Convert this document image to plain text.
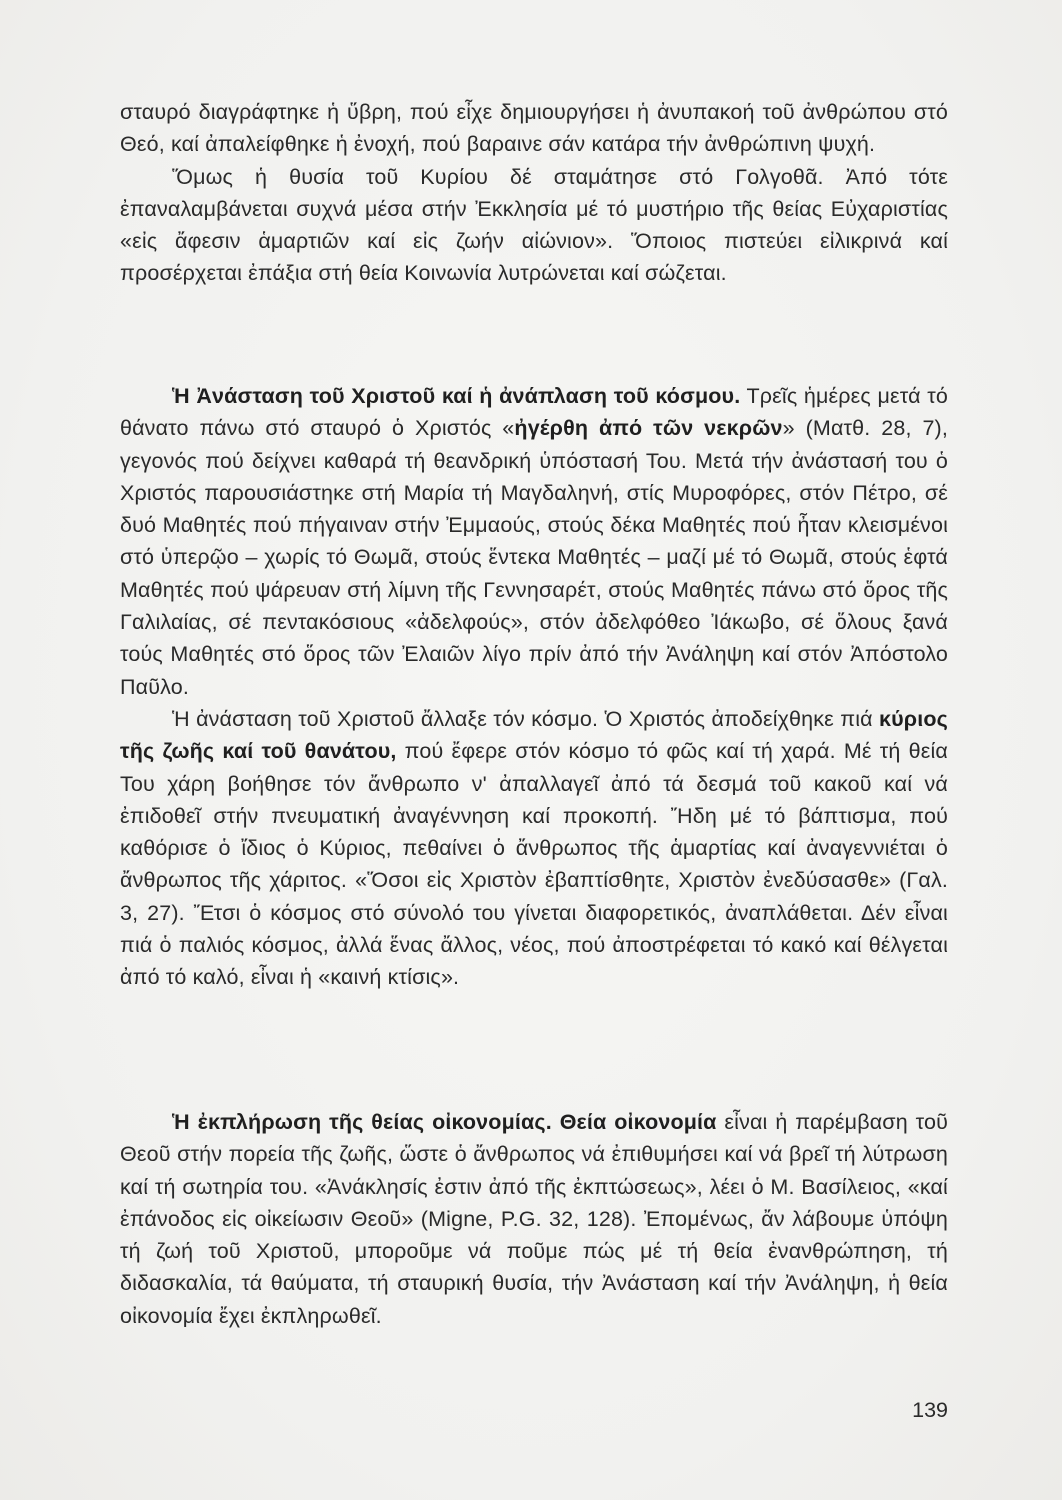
σταυρό διαγράφτηκε ἡ ὕβρη, πού εἶχε δημιουργήσει ἡ ἀνυπακοή τοῦ ἀνθρώπου στό Θεό, καί ἀπαλείφθηκε ἡ ἐνοχή, πού βαραινε σάν κατάρα τήν ἀνθρώπινη ψυχή.

Ὅμως ἡ θυσία τοῦ Κυρίου δέ σταμάτησε στό Γολγοθᾶ. Ἀπό τότε ἐπαναλαμβάνεται συχνά μέσα στήν Ἐκκλησία μέ τό μυστήριο τῆς θείας Εὐχαριστίας «εἰς ἄφεσιν ἁμαρτιῶν καί εἰς ζωήν αἰώνιον». Ὅποιος πιστεύει εἰλικρινά καί προσέρχεται ἐπάξια στή θεία Κοινωνία λυτρώνεται καί σώζεται.

Ἡ Ἀνάσταση τοῦ Χριστοῦ καί ἡ ἀνάπλαση τοῦ κόσμου. Τρεῖς ἡμέρες μετά τό θάνατο πάνω στό σταυρό ὁ Χριστός «ἠγέρθη ἀπό τῶν νεκρῶν» (Ματθ. 28, 7), γεγονός πού δείχνει καθαρά τή θεανδρική ὑπόστασή Του. Μετά τήν ἀνάστασή του ὁ Χριστός παρουσιάστηκε στή Μαρία τή Μαγδαληνή, στίς Μυροφόρες, στόν Πέτρο, σέ δυό Μαθητές πού πήγαιναν στήν Ἐμμαούς, στούς δέκα Μαθητές πού ἦταν κλεισμένοι στό ὑπερῷο – χωρίς τό Θωμᾶ, στούς ἕντεκα Μαθητές – μαζί μέ τό Θωμᾶ, στούς ἑφτά Μαθητές πού ψάρευαν στή λίμνη τῆς Γεννησαρέτ, στούς Μαθητές πάνω στό ὅρος τῆς Γαλιλαίας, σέ πεντακόσιους «ἀδελφούς», στόν ἀδελφόθεο Ἰάκωβο, σέ ὅλους ξανά τούς Μαθητές στό ὅρος τῶν Ἐλαιῶν λίγο πρίν ἀπό τήν Ἀνάληψη καί στόν Ἀπόστολο Παῦλο.

Ἡ ἀνάσταση τοῦ Χριστοῦ ἄλλαξε τόν κόσμο. Ὁ Χριστός ἀποδείχθηκε πιά κύριος τῆς ζωῆς καί τοῦ θανάτου, πού ἔφερε στόν κόσμο τό φῶς καί τή χαρά. Μέ τή θεία Του χάρη βοήθησε τόν ἄνθρωπο ν' ἀπαλλαγεῖ ἀπό τά δεσμά τοῦ κακοῦ καί νά ἐπιδοθεῖ στήν πνευματική ἀναγέννηση καί προκοπή. Ἤδη μέ τό βάπτισμα, πού καθόρισε ὁ ἴδιος ὁ Κύριος, πεθαίνει ὁ ἄνθρωπος τῆς ἁμαρτίας καί ἀναγεννιέται ὁ ἄνθρωπος τῆς χάριτος. «Ὅσοι εἰς Χριστὸν ἐβαπτίσθητε, Χριστὸν ἐνεδύσασθε» (Γαλ. 3, 27). Ἔτσι ὁ κόσμος στό σύνολό του γίνεται διαφορετικός, ἀναπλάθεται. Δέν εἶναι πιά ὁ παλιός κόσμος, ἀλλά ἕνας ἄλλος, νέος, πού ἀποστρέφεται τό κακό καί θέλγεται ἀπό τό καλό, εἶναι ἡ «καινή κτίσις».

Ἡ ἐκπλήρωση τῆς θείας οἰκονομίας. Θεία οἰκονομία εἶναι ἡ παρέμβαση τοῦ Θεοῦ στήν πορεία τῆς ζωῆς, ὥστε ὁ ἄνθρωπος νά ἐπιθυμήσει καί νά βρεῖ τή λύτρωση καί τή σωτηρία του. «Ἀνάκλησίς ἐστιν ἀπό τῆς ἐκπτώσεως», λέει ὁ Μ. Βασίλειος, «καί ἐπάνοδος εἰς οἰκείωσιν Θεοῦ» (Migne, P.G. 32, 128). Ἐπομένως, ἄν λάβουμε ὑπόψη τή ζωή τοῦ Χριστοῦ, μποροῦμε νά ποῦμε πώς μέ τή θεία ἐνανθρώπηση, τή διδασκαλία, τά θαύματα, τή σταυρική θυσία, τήν Ἀνάσταση καί τήν Ἀνάληψη, ἡ θεία οἰκονομία ἔχει ἐκπληρωθεῖ.

139
